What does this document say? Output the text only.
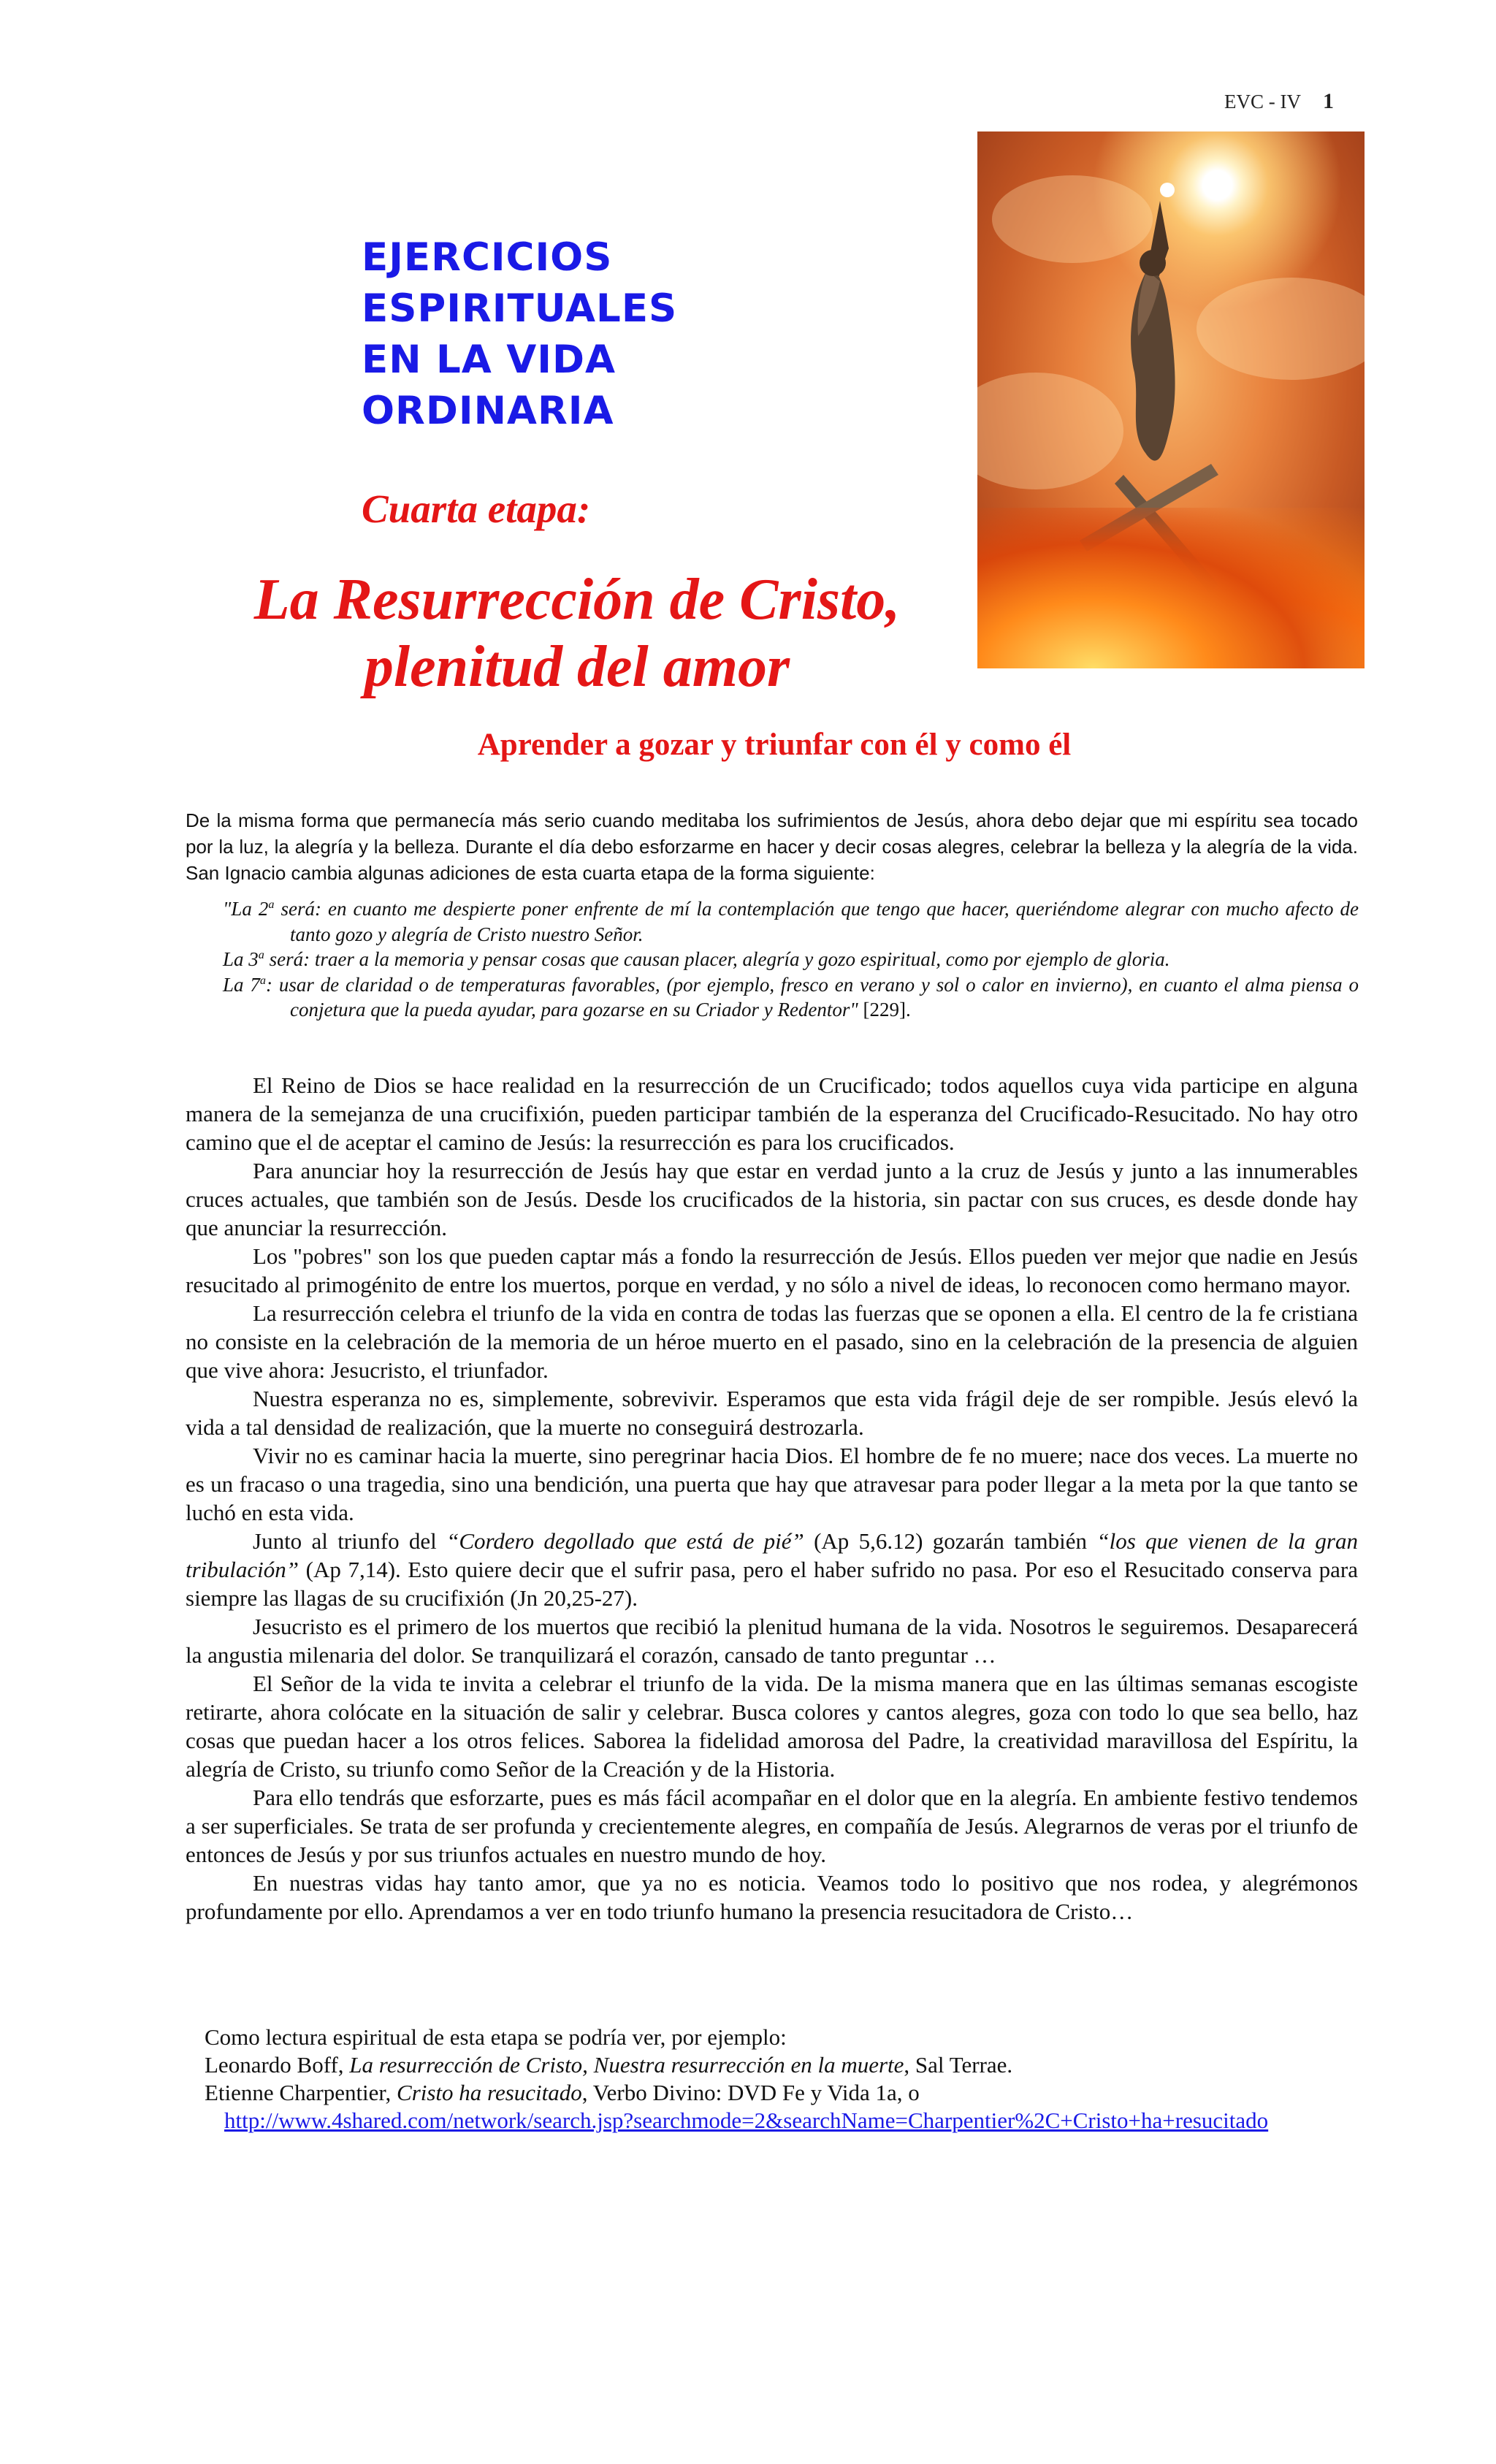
EVC - IV 1
EJERCICIOS
ESPIRITUALES
EN LA VIDA
ORDINARIA
Cuarta etapa:
La Resurrección de Cristo,
plenitud del amor
Aprender a gozar y triunfar con él y como él
De la misma forma que permanecía más serio cuando meditaba los sufrimientos de Jesús, ahora debo dejar que mi espíritu sea tocado por la luz, la alegría y la belleza. Durante el día debo esforzarme en hacer y decir cosas alegres, celebrar la belleza y la alegría de la vida. San Ignacio cambia algunas adiciones de esta cuarta etapa de la forma siguiente:
"La 2$^a$ será: en cuanto me despierte poner enfrente de mí la contemplación que tengo que hacer, queriéndome alegrar con mucho afecto de tanto gozo y alegría de Cristo nuestro Señor.
La 3$^a$ será: traer a la memoria y pensar cosas que causan placer, alegría y gozo espiritual, como por ejemplo de gloria.
La 7$^a$: usar de claridad o de temperaturas favorables, (por ejemplo, fresco en verano y sol o calor en invierno), en cuanto el alma piensa o conjetura que la pueda ayudar, para gozarse en su Criador y Redentor" [229].

El Reino de Dios se hace realidad en la resurrección de un Crucificado; todos aquellos cuya vida participe en alguna manera de la semejanza de una crucifixión, pueden participar también de la esperanza del Crucificado-Resucitado. No hay otro camino que el de aceptar el camino de Jesús: la resurrección es para los crucificados.

Para anunciar hoy la resurrección de Jesús hay que estar en verdad junto a la cruz de Jesús y junto a las innumerables cruces actuales, que también son de Jesús. Desde los crucificados de la historia, sin pactar con sus cruces, es desde donde hay que anunciar la resurrección.

Los "pobres" son los que pueden captar más a fondo la resurrección de Jesús. Ellos pueden ver mejor que nadie en Jesús resucitado al primogénito de entre los muertos, porque en verdad, y no sólo a nivel de ideas, lo reconocen como hermano mayor.

La resurrección celebra el triunfo de la vida en contra de todas las fuerzas que se oponen a ella. El centro de la fe cristiana no consiste en la celebración de la memoria de un héroe muerto en el pasado, sino en la celebración de la presencia de alguien que vive ahora: Jesucristo, el triunfador.

Nuestra esperanza no es, simplemente, sobrevivir. Esperamos que esta vida frágil deje de ser rompible. Jesús elevó la vida a tal densidad de realización, que la muerte no conseguirá destrozarla.

Vivir no es caminar hacia la muerte, sino peregrinar hacia Dios. El hombre de fe no muere; nace dos veces. La muerte no es un fracaso o una tragedia, sino una bendición, una puerta que hay que atravesar para poder llegar a la meta por la que tanto se luchó en esta vida.

Junto al triunfo del “Cordero degollado que está de pié” (Ap 5,6.12) gozarán también “los que vienen de la gran tribulación” (Ap 7,14). Esto quiere decir que el sufrir pasa, pero el haber sufrido no pasa. Por eso el Resucitado conserva para siempre las llagas de su crucifixión (Jn 20,25-27).

Jesucristo es el primero de los muertos que recibió la plenitud humana de la vida. Nosotros le seguiremos. Desaparecerá la angustia milenaria del dolor. Se tranquilizará el corazón, cansado de tanto preguntar …

El Señor de la vida te invita a celebrar el triunfo de la vida. De la misma manera que en las últimas semanas escogiste retirarte, ahora colócate en la situación de salir y celebrar. Busca colores y cantos alegres, goza con todo lo que sea bello, haz cosas que puedan hacer a los otros felices. Saborea la fidelidad amorosa del Padre, la creatividad maravillosa del Espíritu, la alegría de Cristo, su triunfo como Señor de la Creación y de la Historia.

Para ello tendrás que esforzarte, pues es más fácil acompañar en el dolor que en la alegría. En ambiente festivo tendemos a ser superficiales. Se trata de ser profunda y crecientemente alegres, en compañía de Jesús. Alegrarnos de veras por el triunfo de entonces de Jesús y por sus triunfos actuales en nuestro mundo de hoy.

En nuestras vidas hay tanto amor, que ya no es noticia. Veamos todo lo positivo que nos rodea, y alegrémonos profundamente por ello. Aprendamos a ver en todo triunfo humano la presencia resucitadora de Cristo…

Como lectura espiritual de esta etapa se podría ver, por ejemplo:
Leonardo Boff, La resurrección de Cristo, Nuestra resurrección en la muerte, Sal Terrae.
Etienne Charpentier, Cristo ha resucitado, Verbo Divino: DVD Fe y Vida 1a, o
http://www.4shared.com/network/search.jsp?searchmode=2&searchName=Charpentier%2C+Cristo+ha+resucitado
